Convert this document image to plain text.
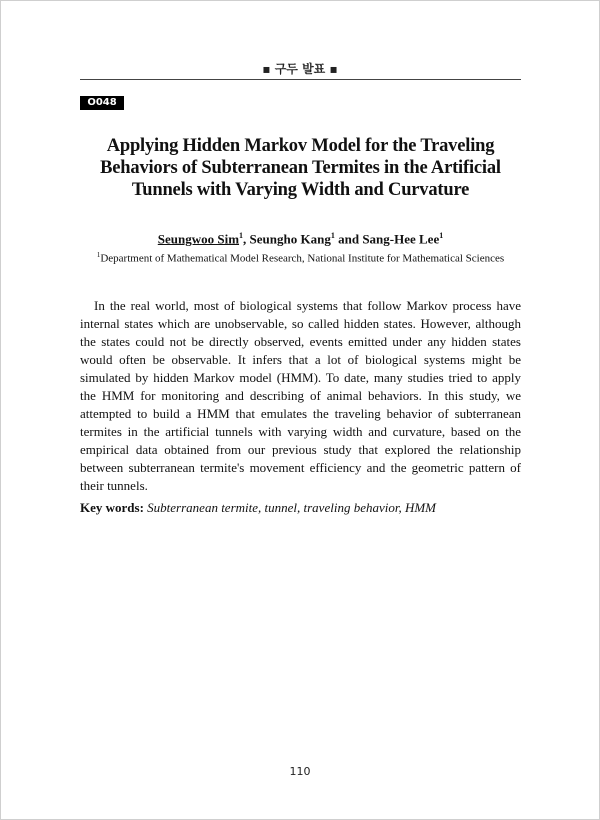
▪ 구두 발표 ▪
O048
Applying Hidden Markov Model for the Traveling Behaviors of Subterranean Termites in the Artificial Tunnels with Varying Width and Curvature
Seungwoo Sim$^1$, Seungho Kang$^1$ and Sang-Hee Lee$^1$
$^1$Department of Mathematical Model Research, National Institute for Mathematical Sciences

In the real world, most of biological systems that follow Markov process have internal states which are unobservable, so called hidden states. However, although the states could not be directly observed, events emitted under any hidden states would often be observable. It infers that a lot of biological systems might be simulated by hidden Markov model (HMM). To date, many studies tried to apply the HMM for monitoring and describing of animal behaviors. In this study, we attempted to build a HMM that emulates the traveling behavior of subterranean termites in the artificial tunnels with varying width and curvature, based on the empirical data obtained from our previous study that explored the relationship between subterranean termite's movement efficiency and the geometric pattern of their tunnels.

Key words: Subterranean termite, tunnel, traveling behavior, HMM
110
